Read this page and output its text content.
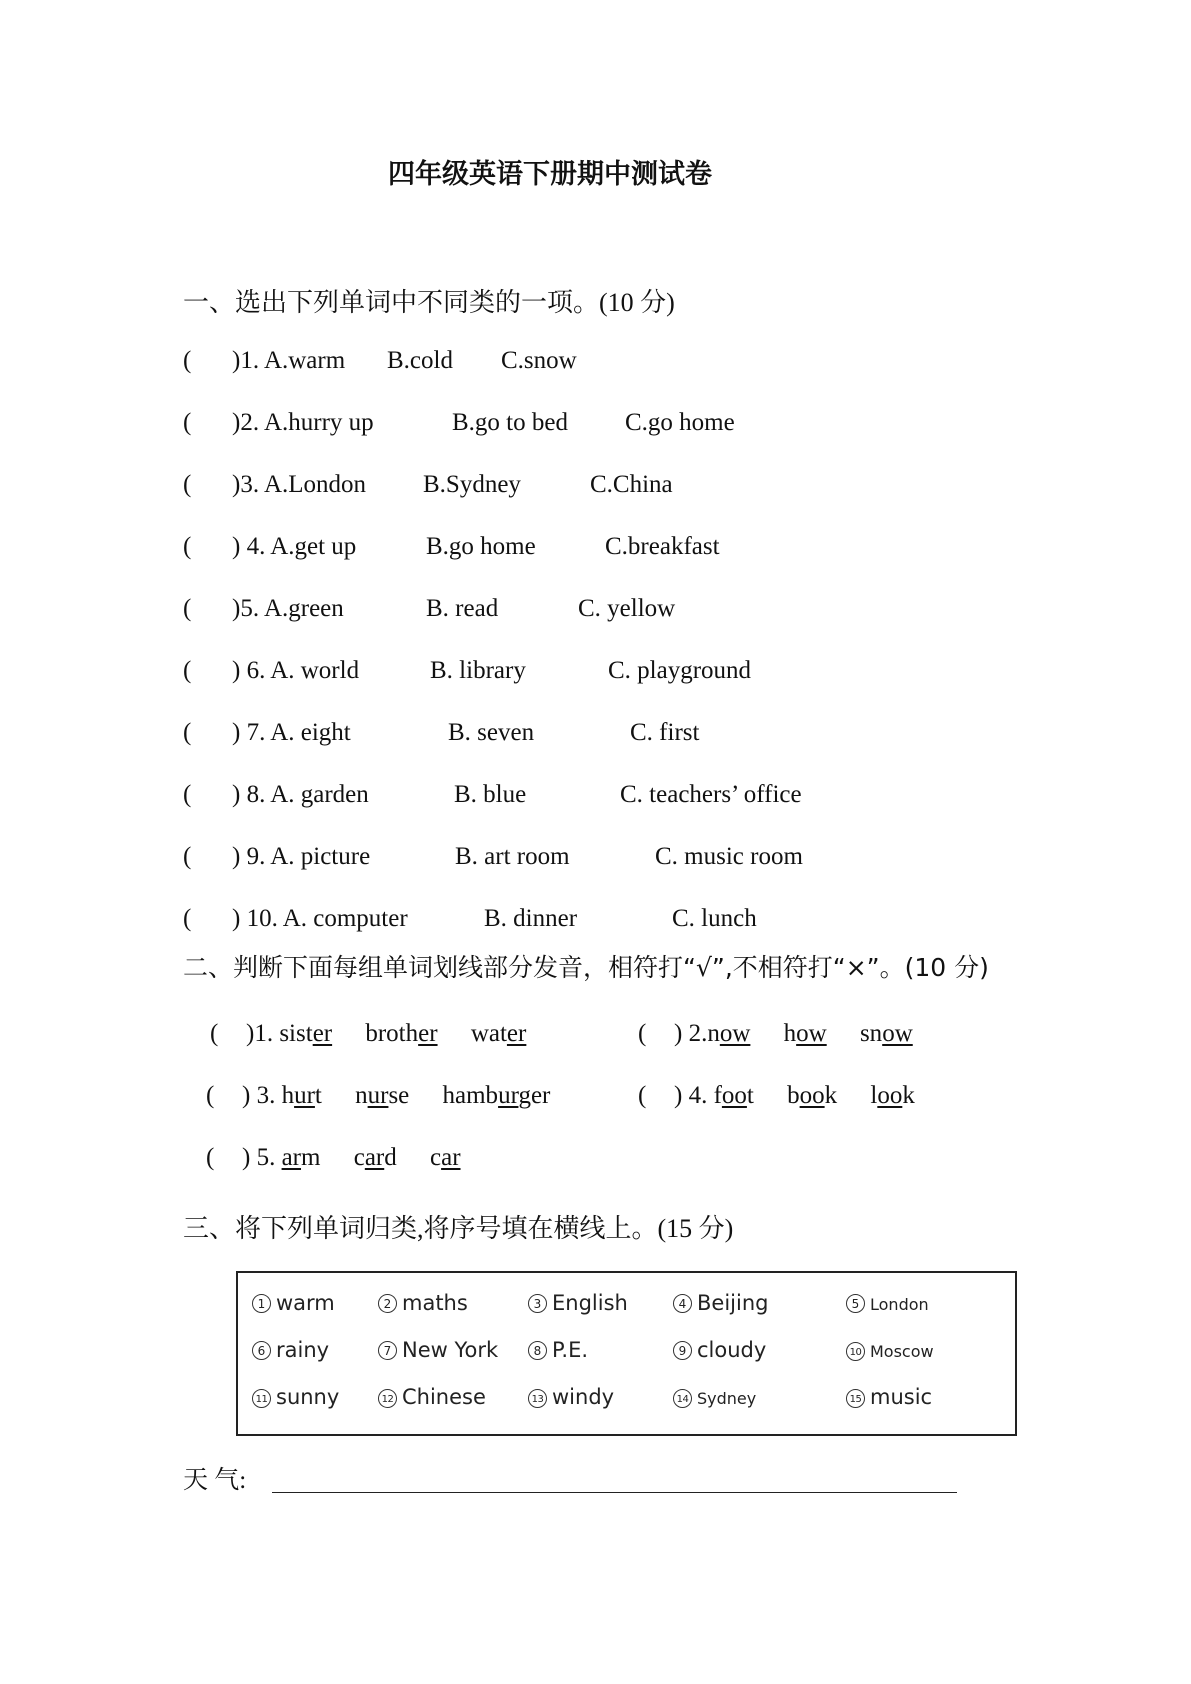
四年级英语下册期中测试卷
一、选出下列单词中不同类的一项。(10 分)
( )1. A.warm B.cold C.snow
( )2. A.hurry up	B.go to bed C.go home
( )3. A.London B.Sydney	C.China
( ) 4. A.get up	B.go home	C.breakfast
( )5. A.green	B. read	C. yellow
( ) 6. A. world	B. library	C. playground
( ) 7. A. eight	B. seven	C. first
( ) 8. A. garden	B. blue	C. teachers’ office
( ) 9. A. picture	B. art room	C. music room
( ) 10. A. computer	B. dinner	C. lunch
二、判断下面每组单词划线部分发音，相符打“√”,不相符打“×”。(10 分)
( )1. sister brother water	( ) 2.now how snow
( ) 3. hurt nurse hamburger	( ) 4. foot book look
( ) 5. arm card car
三、将下列单词归类,将序号填在横线上。(15 分)
1 warm	2 maths	3 English	4 Beijing	5 London
6 rainy	7 New York	8 P.E.	9 cloudy	10 Moscow
11 sunny	12 Chinese	13 windy	14 Sydney	15 music
天 气:
